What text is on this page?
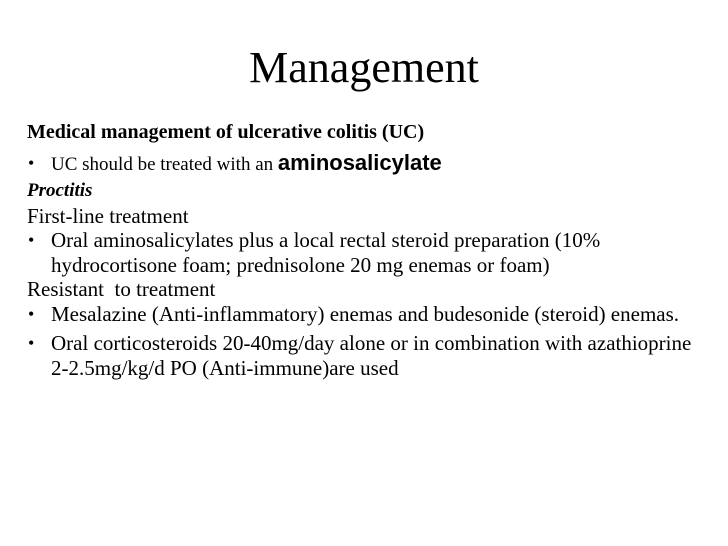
Management

Medical management of ulcerative colitis (UC)

• UC should be treated with an aminosalicylate

Proctitis

First-line treatment

• Oral aminosalicylates plus a local rectal steroid preparation (10% hydrocortisone foam; prednisolone 20 mg enemas or foam)

Resistant  to treatment

• Mesalazine (Anti-inflammatory) enemas and budesonide (steroid) enemas.

• Oral corticosteroids 20-40mg/day alone or in combination with azathioprine 2-2.5mg/kg/d PO (Anti-immune)are used
